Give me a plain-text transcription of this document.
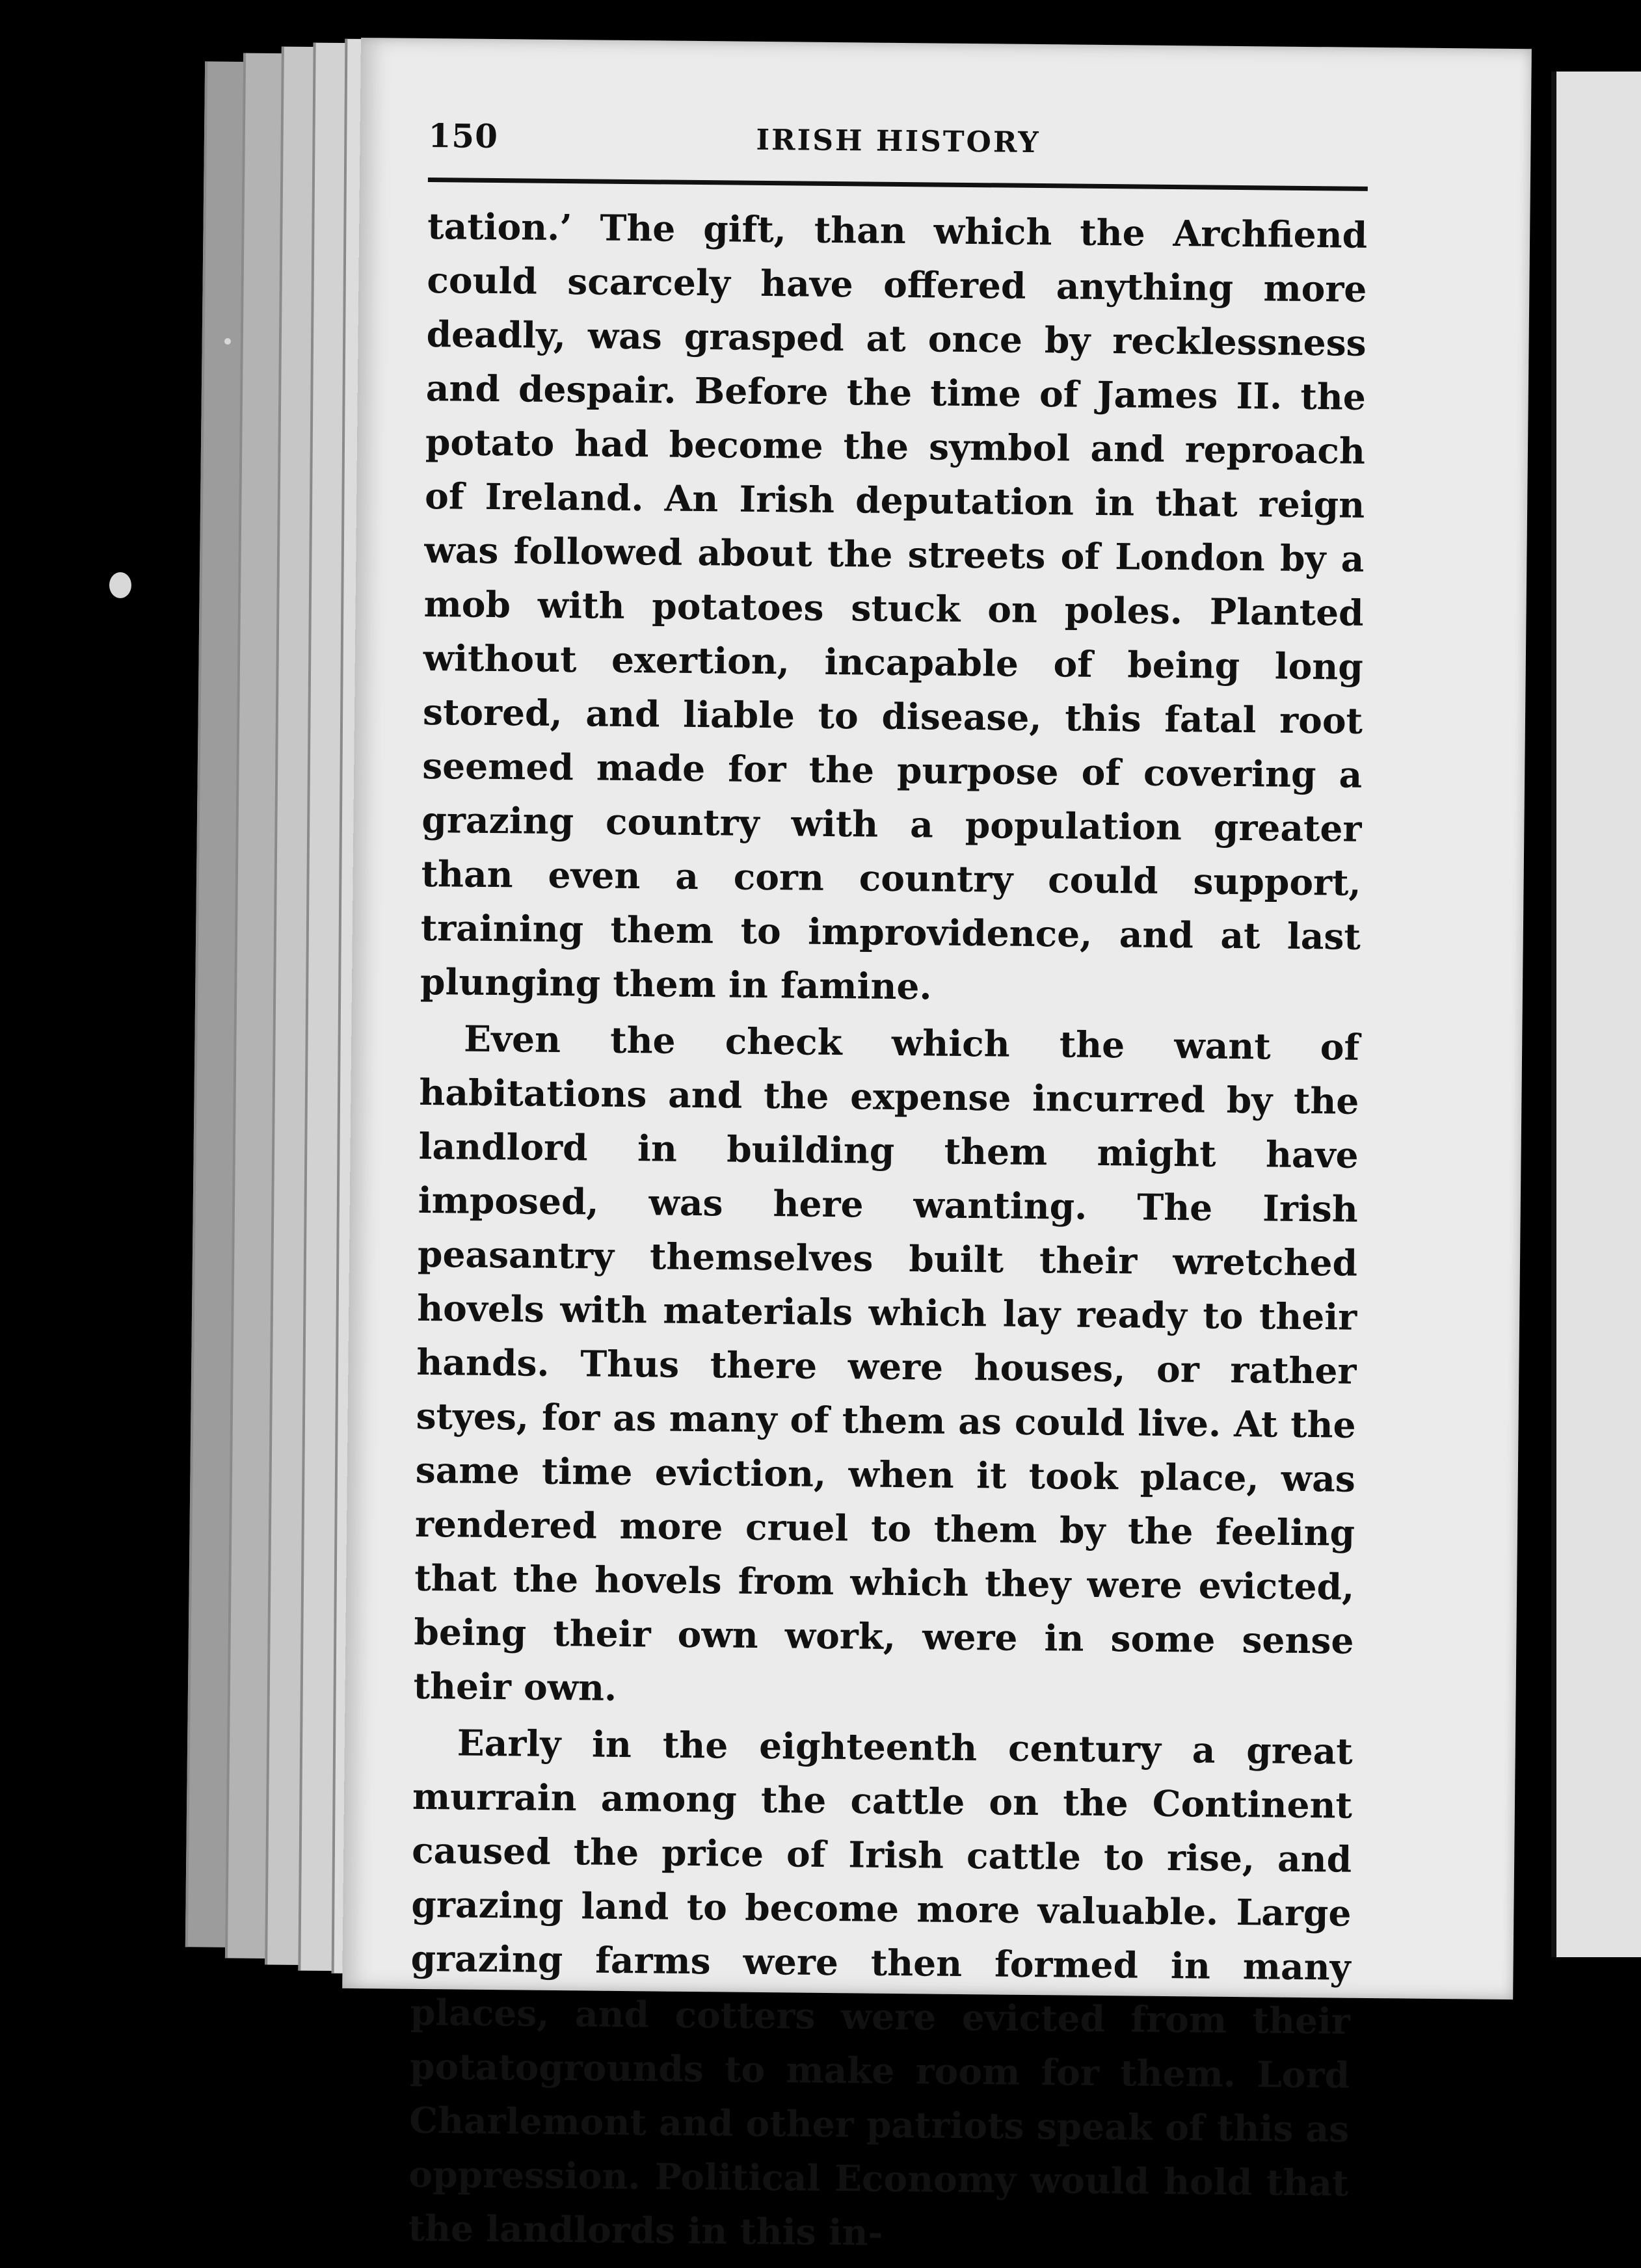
150	IRISH HISTORY

tation.’ The gift, than which the Archfiend could scarcely have offered anything more deadly, was grasped at once by recklessness and despair. Before the time of James II. the potato had become the symbol and reproach of Ireland. An Irish deputation in that reign was followed about the streets of London by a mob with potatoes stuck on poles. Planted without exertion, incapable of being long stored, and liable to disease, this fatal root seemed made for the purpose of covering a grazing country with a population greater than even a corn country could support, training them to improvidence, and at last plunging them in famine.

Even the check which the want of habitations and the expense incurred by the landlord in building them might have imposed, was here wanting. The Irish peasantry themselves built their wretched hovels with materials which lay ready to their hands. Thus there were houses, or rather styes, for as many of them as could live. At the same time eviction, when it took place, was rendered more cruel to them by the feeling that the hovels from which they were evicted, being their own work, were in some sense their own.

Early in the eighteenth century a great murrain among the cattle on the Continent caused the price of Irish cattle to rise, and grazing land to become more valuable. Large grazing farms were then formed in many places, and cotters were evicted from their potatogrounds to make room for them. Lord Charlemont and other patriots speak of this as oppression. Political Economy would hold that the landlords in this in-
